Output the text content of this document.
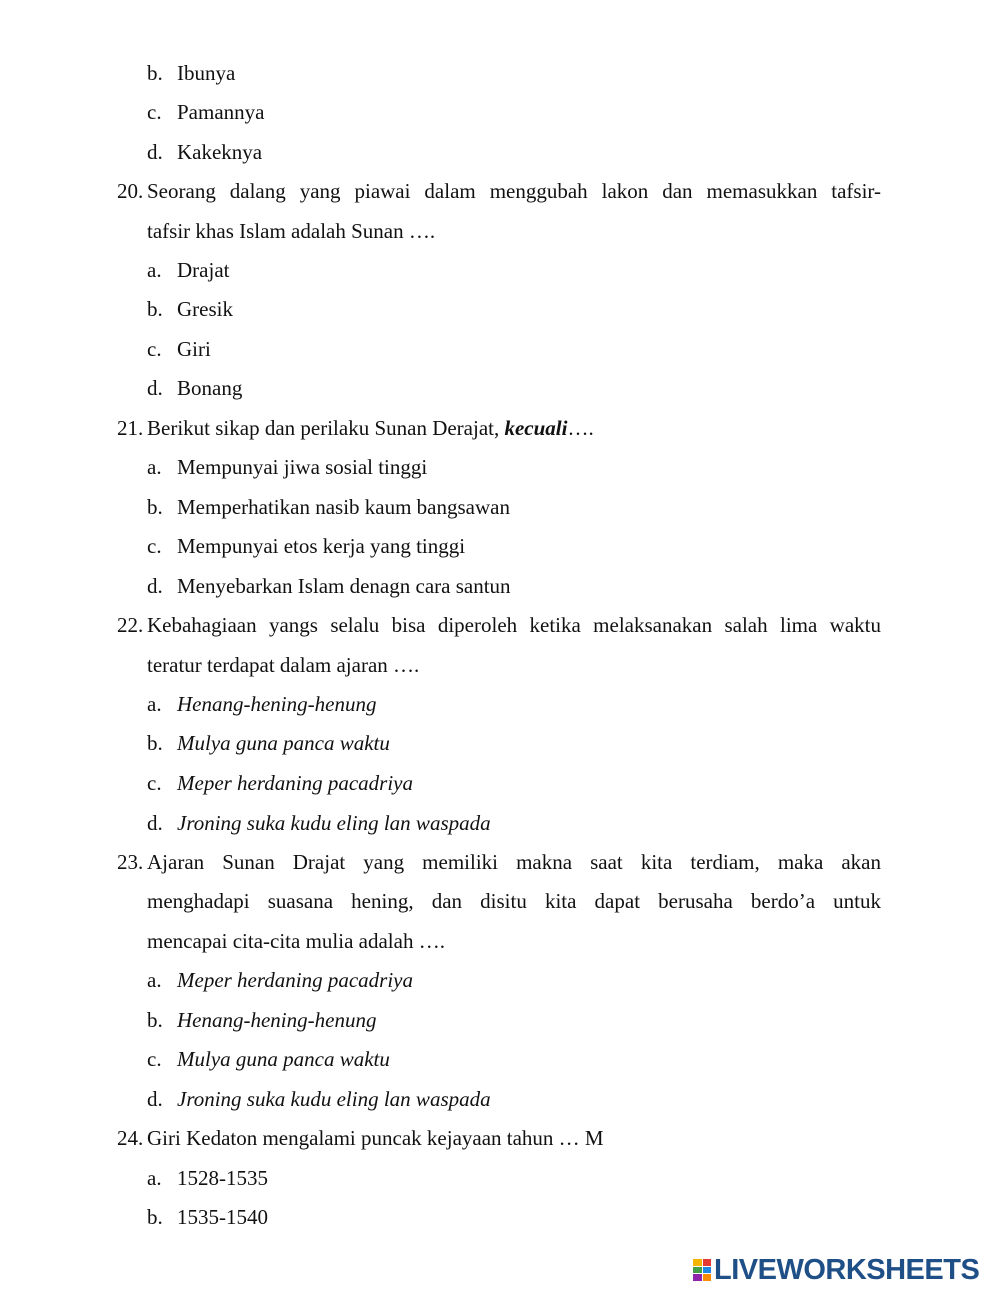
b. Ibunya
c. Pamannya
d. Kakeknya
20. Seorang dalang yang piawai dalam menggubah lakon dan memasukkan tafsir-
tafsir khas Islam adalah Sunan ….
a. Drajat
b. Gresik
c. Giri
d. Bonang
21. Berikut sikap dan perilaku Sunan Derajat, kecuali….
a. Mempunyai jiwa sosial tinggi
b. Memperhatikan nasib kaum bangsawan
c. Mempunyai etos kerja yang tinggi
d. Menyebarkan Islam denagn cara santun
22. Kebahagiaan yangs selalu bisa diperoleh ketika melaksanakan salah lima waktu
teratur terdapat dalam ajaran ….
a. Henang-hening-henung
b. Mulya guna panca waktu
c. Meper herdaning pacadriya
d. Jroning suka kudu eling lan waspada
23. Ajaran Sunan Drajat yang memiliki makna saat kita terdiam, maka akan
menghadapi suasana hening, dan disitu kita dapat berusaha berdo’a untuk
mencapai cita-cita mulia adalah ….
a. Meper herdaning pacadriya
b. Henang-hening-henung
c. Mulya guna panca waktu
d. Jroning suka kudu eling lan waspada
24. Giri Kedaton mengalami puncak kejayaan tahun … M
a. 1528-1535
b. 1535-1540
LIVEWORKSHEETS
